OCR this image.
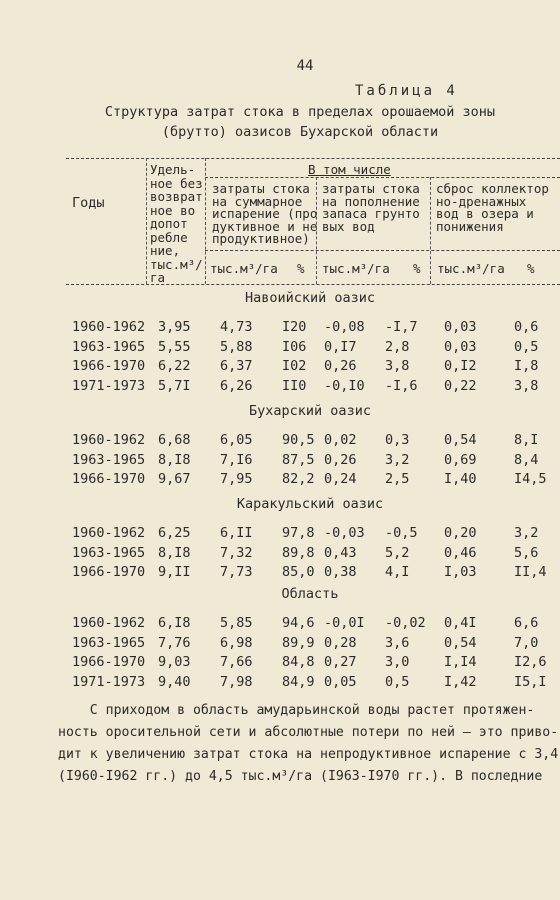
44
Таблица 4
Структура затрат стока в пределах орошаемой зоны
(брутто) оазисов Бухарской области
Годы
Удель-
ное без
возврат
ное во
допот
ребле
ние,
тыс.м³/
га
В том числе
затраты стока
на суммарное
испарение (про
дуктивное и не
продуктивное)
затраты стока
на пополнение
запаса грунто
вых вод
сброс коллектор
но-дренажных
вод в озера и
понижения
тыс.м³/га % тыс.м³/га % тыс.м³/га %
Навоийский оазис
1960-1962 3,95 4,73 I20 -0,08 -I,7 0,03	0,6
1963-1965 5,55 5,88 I06 0,I7 2,8	0,03	0,5
1966-1970 6,22 6,37 I02 0,26 3,8	0,I2	I,8
1971-1973 5,7I 6,26 II0 -0,I0 -I,6 0,22	3,8
Бухарский оазис
1960-1962 6,68 6,05 90,5 0,02 0,3	0,54	8,I
1963-1965 8,I8 7,I6 87,5 0,26 3,2	0,69	8,4
1966-1970 9,67 7,95 82,2 0,24 2,5	I,40	I4,5
Каракульский оазис
1960-1962 6,25 6,II 97,8 -0,03 -0,5 0,20	3,2
1963-1965 8,I8 7,32 89,8 0,43 5,2	0,46	5,6
1966-1970 9,II 7,73 85,0 0,38 4,I	I,03	II,4
Область
1960-1962 6,I8 5,85 94,6 -0,0I -0,02 0,4I	6,6
1963-1965 7,76 6,98 89,9 0,28 3,6	0,54	7,0
1966-1970 9,03 7,66 84,8 0,27 3,0	I,I4	I2,6
1971-1973 9,40 7,98 84,9 0,05 0,5	I,42	I5,I
С приходом в область амударьинской воды растет протяжен-
ность оросительной сети и абсолютные потери по ней – это приво-
дит к увеличению затрат стока на непродуктивное испарение с 3,4
(I960-I962 гг.) до 4,5 тыс.м³/га (I963-I970 гг.). В последние
